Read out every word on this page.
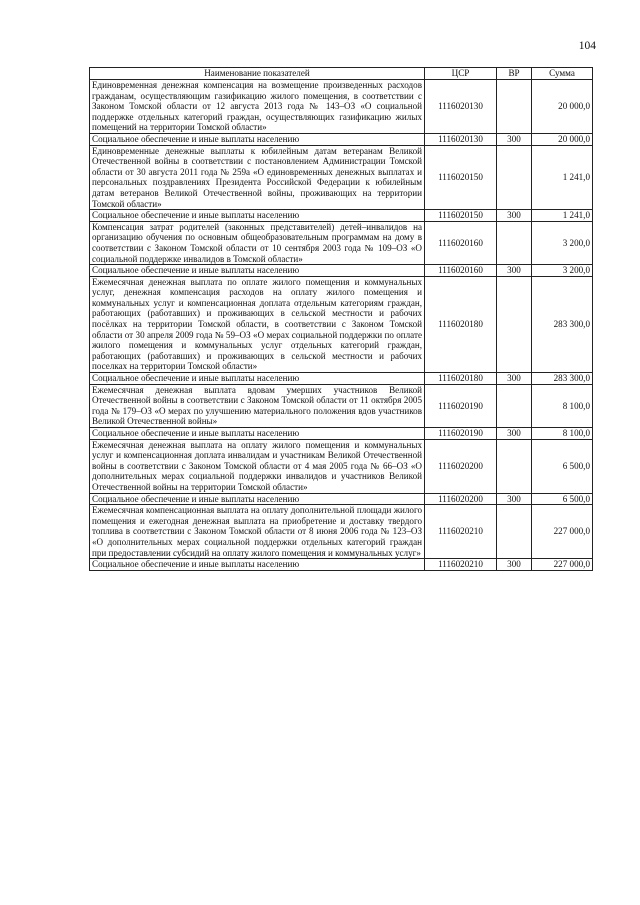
104
Наименование показателей	ЦСР	ВР	Сумма
Единовременная денежная компенсация на возмещение произведенных расходов гражданам, осуществляющим газификацию жилого помещения, в соответствии с Законом Томской области от 12 августа 2013 года № 143–ОЗ «О социальной поддержке отдельных категорий граждан, осуществляющих газификацию жилых помещений на территории Томской области»	1116020130		20 000,0
Социальное обеспечение и иные выплаты населению	1116020130	300	20 000,0
Единовременные денежные выплаты к юбилейным датам ветеранам Великой Отечественной войны в соответствии с постановлением Администрации Томской области от 30 августа 2011 года № 259а «О единовременных денежных выплатах и персональных поздравлениях Президента Российской Федерации к юбилейным датам ветеранов Великой Отечественной войны, проживающих на территории Томской области»	1116020150		1 241,0
Социальное обеспечение и иные выплаты населению	1116020150	300	1 241,0
Компенсация затрат родителей (законных представителей) детей–инвалидов на организацию обучения по основным общеобразовательным программам на дому в соответствии с Законом Томской области от 10 сентября 2003 года № 109–ОЗ «О социальной поддержке инвалидов в Томской области»	1116020160		3 200,0
Социальное обеспечение и иные выплаты населению	1116020160	300	3 200,0
Ежемесячная денежная выплата по оплате жилого помещения и коммунальных услуг, денежная компенсация расходов на оплату жилого помещения и коммунальных услуг и компенсационная доплата отдельным категориям граждан, работающих (работавших) и проживающих в сельской местности и рабочих посёлках на территории Томской области, в соответствии с Законом Томской области от 30 апреля 2009 года № 59–ОЗ «О мерах социальной поддержки по оплате жилого помещения и коммунальных услуг отдельных категорий граждан, работающих (работавших) и проживающих в сельской местности и рабочих поселках на территории Томской области»	1116020180		283 300,0
Социальное обеспечение и иные выплаты населению	1116020180	300	283 300,0
Ежемесячная денежная выплата вдовам умерших участников Великой Отечественной войны в соответствии с Законом Томской области от 11 октября 2005 года № 179–ОЗ «О мерах по улучшению материального положения вдов участников Великой Отечественной войны»	1116020190		8 100,0
Социальное обеспечение и иные выплаты населению	1116020190	300	8 100,0
Ежемесячная денежная выплата на оплату жилого помещения и коммунальных услуг и компенсационная доплата инвалидам и участникам Великой Отечественной войны в соответствии с Законом Томской области от 4 мая 2005 года № 66–ОЗ «О дополнительных мерах социальной поддержки инвалидов и участников Великой Отечественной войны на территории Томской области»	1116020200		6 500,0
Социальное обеспечение и иные выплаты населению	1116020200	300	6 500,0
Ежемесячная компенсационная выплата на оплату дополнительной площади жилого помещения и ежегодная денежная выплата на приобретение и доставку твердого топлива в соответствии с Законом Томской области от 8 июня 2006 года № 123–ОЗ «О дополнительных мерах социальной поддержки отдельных категорий граждан при предоставлении субсидий на оплату жилого помещения и коммунальных услуг»	1116020210		227 000,0
Социальное обеспечение и иные выплаты населению	1116020210	300	227 000,0
